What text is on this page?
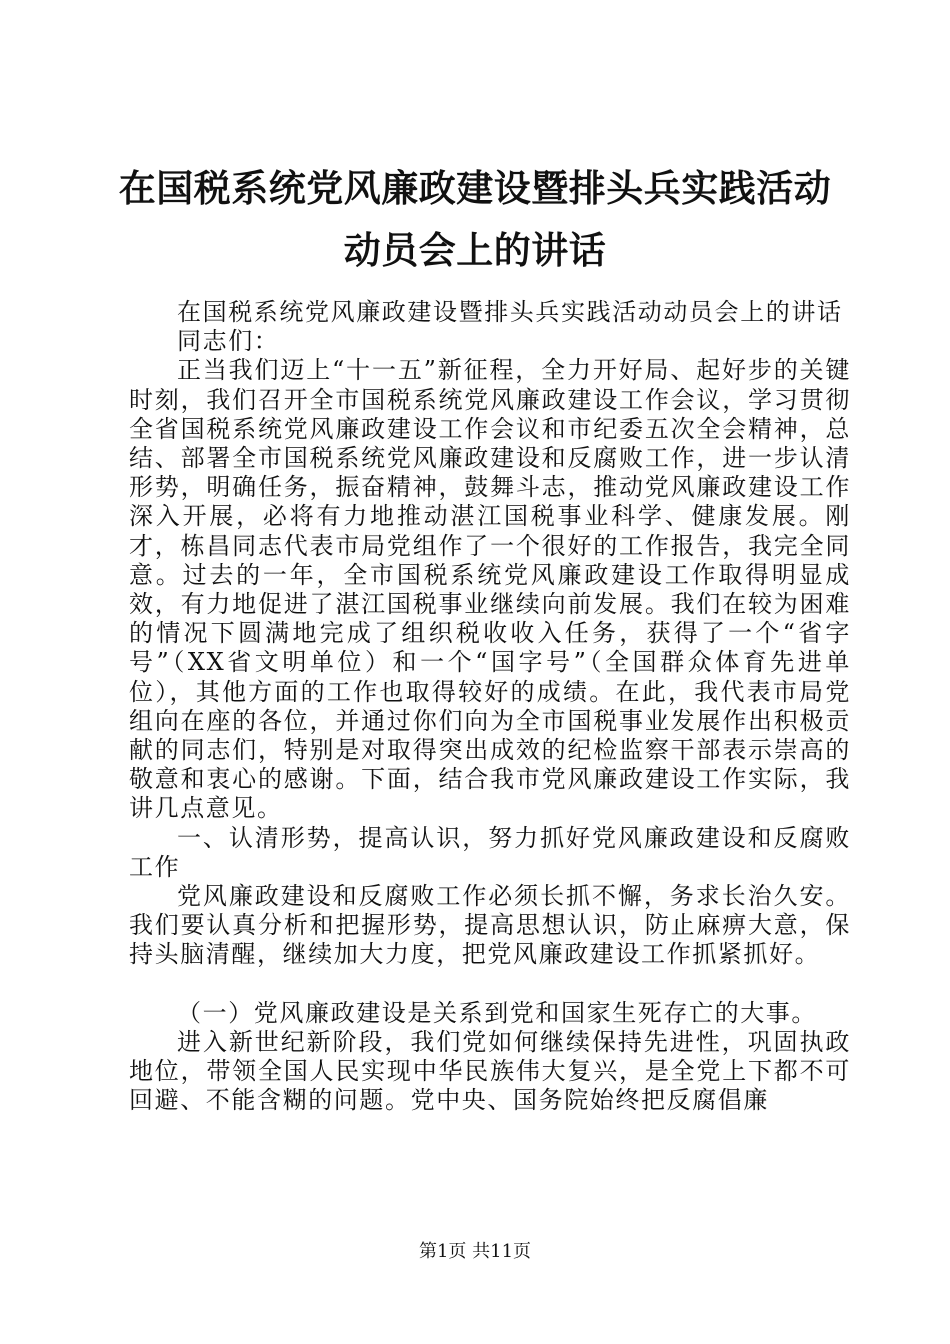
在国税系统党风廉政建设暨排头兵实践活动动员会上的讲话

在国税系统党风廉政建设暨排头兵实践活动动员会上的讲话

同志们：

正当我们迈上“十一五”新征程，全力开好局、起好步的关键时刻，我们召开全市国税系统党风廉政建设工作会议，学习贯彻全省国税系统党风廉政建设工作会议和市纪委五次全会精神，总结、部署全市国税系统党风廉政建设和反腐败工作，进一步认清形势，明确任务，振奋精神，鼓舞斗志，推动党风廉政建设工作深入开展，必将有力地推动湛江国税事业科学、健康发展。刚才，栋昌同志代表市局党组作了一个很好的工作报告，我完全同意。过去的一年，全市国税系统党风廉政建设工作取得明显成效，有力地促进了湛江国税事业继续向前发展。我们在较为困难的情况下圆满地完成了组织税收收入任务，获得了一个“省字号”（XX省文明单位）和一个“国字号”（全国群众体育先进单位），其他方面的工作也取得较好的成绩。在此，我代表市局党组向在座的各位，并通过你们向为全市国税事业发展作出积极贡献的同志们，特别是对取得突出成效的纪检监察干部表示崇高的敬意和衷心的感谢。下面，结合我市党风廉政建设工作实际，我讲几点意见。

一、认清形势，提高认识，努力抓好党风廉政建设和反腐败工作

党风廉政建设和反腐败工作必须长抓不懈，务求长治久安。我们要认真分析和把握形势，提高思想认识，防止麻痹大意，保持头脑清醒，继续加大力度，把党风廉政建设工作抓紧抓好。

（一）党风廉政建设是关系到党和国家生死存亡的大事。

进入新世纪新阶段，我们党如何继续保持先进性，巩固执政地位，带领全国人民实现中华民族伟大复兴，是全党上下都不可回避、不能含糊的问题。党中央、国务院始终把反腐倡廉

第1页 共11页
